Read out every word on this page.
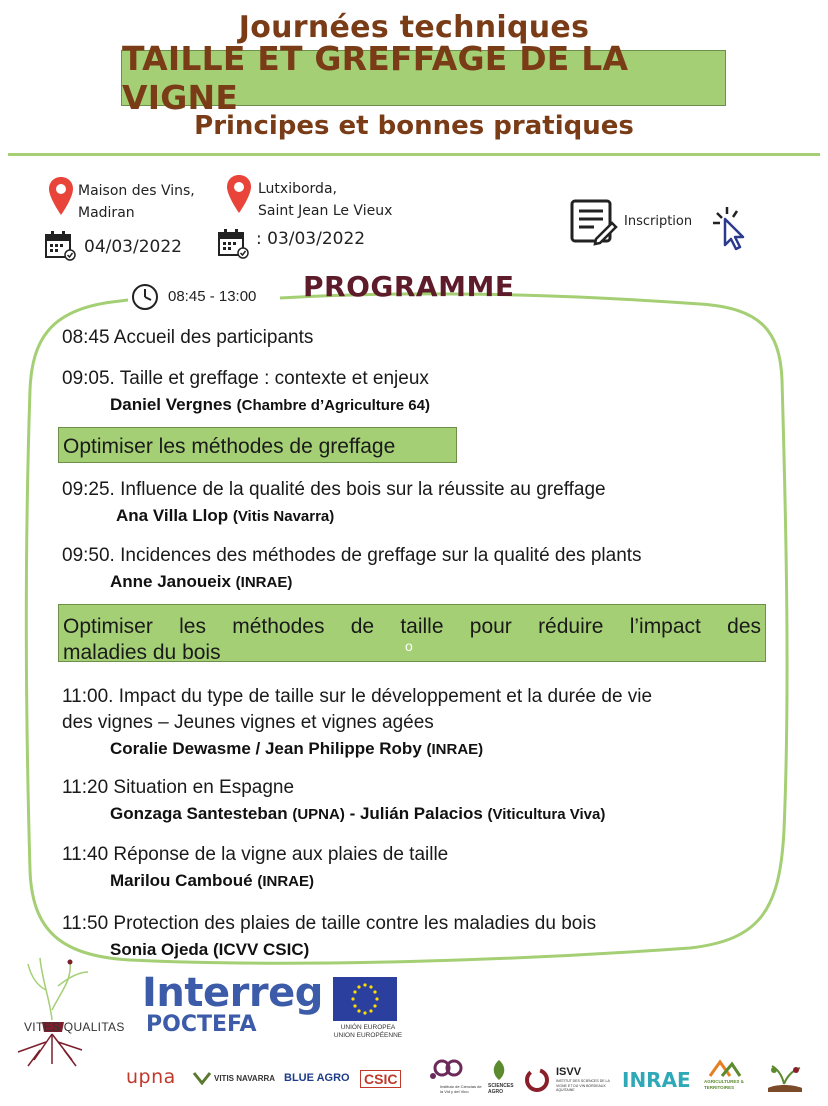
Journées techniques
TAILLE ET GREFFAGE DE LA VIGNE
Principes et bonnes pratiques
Maison des Vins,
Madiran
04/03/2022
Lutxiborda,
Saint Jean Le Vieux
: 03/03/2022
Inscription
08:45 - 13:00 PROGRAMME
08:45 Accueil des participants
09:05. Taille et greffage : contexte et enjeux
Daniel Vergnes (Chambre d’Agriculture 64)
Optimiser les méthodes de greffage
09:25. Influence de la qualité des bois sur la réussite au greffage
Ana Villa Llop (Vitis Navarra)
09:50. Incidences des méthodes de greffage sur la qualité des plants
Anne Janoueix (INRAE)
Optimiser les méthodes de taille pour réduire l’impact des
maladies du bois	o
11:00. Impact du type de taille sur le développement et la durée de vie
des vignes – Jeunes vignes et vignes agées
Coralie Dewasme / Jean Philippe Roby (INRAE)
11:20 Situation en Espagne
Gonzaga Santesteban (UPNA) - Julián Palacios (Viticultura Viva)
11:40 Réponse de la vigne aux plaies de taille
Marilou Camboué (INRAE)
11:50 Protection des plaies de taille contre les maladies du bois
Sonia Ojeda (ICVV CSIC)
VITES QUALITAS
Interreg
POCTEFA	UNIÓN EUROPEA
UNION EUROPÉENNE
upna	VITIS NAVARRA BLUE AGRO CSIC	Instituto de Ciencias de la Vid y del Vino
SCIENCES AGRO
ISVV
INSTITUT DES SCIENCES DE LA VIGNE ET DU VIN BORDEAUX AQUITAINE	INRAE	AGRICULTURES & TERRITOIRES
